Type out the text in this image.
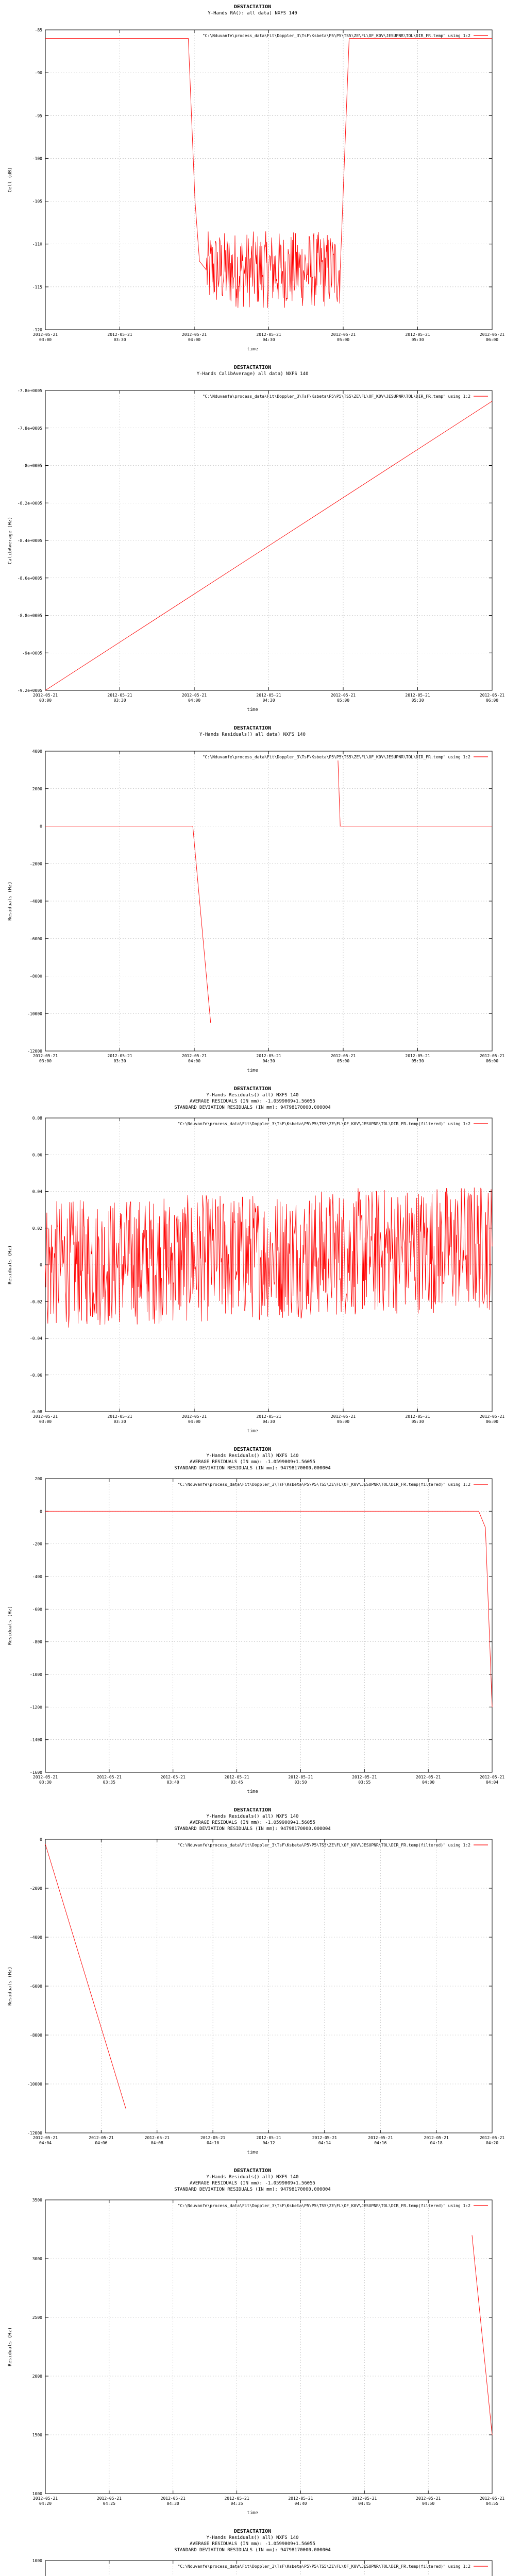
DESTACTATION
Y-Hands RA(): all data) NXFS 140
-85
-90
-95
-100
-105
-110
-115
-120
2012-05-21
03:00
2012-05-21
03:30
2012-05-21
04:00
2012-05-21
04:30
2012-05-21
05:00
2012-05-21
05:30
2012-05-21
06:00
time
Cell (dB)
"C:\Nduvanfe\process_data\Fit\Doppler_3\TsF\Ksbeta\P5\P5\TS5\ZE\FL\OF_K0V\JESUPNR\TOL\DIR_FR.temp" using 1:2
DESTACTATION
Y-Hands CalibAverage) all data) NXFS 140
-7.8e+0005
-7.8e+0005
-8e+0005
-8.2e+0005
-8.4e+0005
-8.6e+0005
-8.8e+0005
-9e+0005
-9.2e+0005
2012-05-21
03:00
2012-05-21
03:30
2012-05-21
04:00
2012-05-21
04:30
2012-05-21
05:00
2012-05-21
05:30
2012-05-21
06:00
time
CalibAverage (Hz)
"C:\Nduvanfe\process_data\Fit\Doppler_3\TsF\Ksbeta\P5\P5\TS5\ZE\FL\OF_K0V\JESUPNR\TOL\DIR_FR.temp" using 1:2
DESTACTATION
Y-Hands Residuals() all data) NXFS 140
4000
2000
0
-2000
-4000
-6000
-8000
-10000
-12000
2012-05-21
03:00
2012-05-21
03:30
2012-05-21
04:00
2012-05-21
04:30
2012-05-21
05:00
2012-05-21
05:30
2012-05-21
06:00
time
Residuals (Hz)
"C:\Nduvanfe\process_data\Fit\Doppler_3\TsF\Ksbeta\P5\P5\TS5\ZE\FL\OF_K0V\JESUPNR\TOL\DIR_FR.temp" using 1:2
DESTACTATION
Y-Hands Residuals() all) NXFS 140
AVERAGE RESIDUALS (IN mm): -1.0599009+1.56055
STANDARD DEVIATION RESIDUALS (IN mm): 94798170000.000004
0.08
0.06
0.04
0.02
0
-0.02
-0.04
-0.06
-0.08
2012-05-21
03:00
2012-05-21
03:30
2012-05-21
04:00
2012-05-21
04:30
2012-05-21
05:00
2012-05-21
05:30
2012-05-21
06:00
time
Residuals (Hz)
"C:\Nduvanfe\process_data\Fit\Doppler_3\TsF\Ksbeta\P5\P5\TS5\ZE\FL\OF_K0V\JESUPNR\TOL\DIR_FR.temp(filtered)" using 1:2
DESTACTATION
Y-Hands Residuals() all) NXFS 140
AVERAGE RESIDUALS (IN mm): -1.0599009+1.56055
STANDARD DEVIATION RESIDUALS (IN mm): 94798170000.000004
200
0
-200
-400
-600
-800
-1000
-1200
-1400
-1600
2012-05-21
03:30
2012-05-21
03:35
2012-05-21
03:40
2012-05-21
03:45
2012-05-21
03:50
2012-05-21
03:55
2012-05-21
04:00
2012-05-21
04:04
time
Residuals (Hz)
"C:\Nduvanfe\process_data\Fit\Doppler_3\TsF\Ksbeta\P5\P5\TS5\ZE\FL\OF_K0V\JESUPNR\TOL\DIR_FR.temp(filtered)" using 1:2
DESTACTATION
Y-Hands Residuals() all) NXFS 140
AVERAGE RESIDUALS (IN mm): -1.0599009+1.56055
STANDARD DEVIATION RESIDUALS (IN mm): 94798170000.000004
0
-2000
-4000
-6000
-8000
-10000
-12000
2012-05-21
04:04
2012-05-21
04:06
2012-05-21
04:08
2012-05-21
04:10
2012-05-21
04:12
2012-05-21
04:14
2012-05-21
04:16
2012-05-21
04:18
2012-05-21
04:20
time
Residuals (Hz)
"C:\Nduvanfe\process_data\Fit\Doppler_3\TsF\Ksbeta\P5\P5\TS5\ZE\FL\OF_K0V\JESUPNR\TOL\DIR_FR.temp(filtered)" using 1:2
DESTACTATION
Y-Hands Residuals() all) NXFS 140
AVERAGE RESIDUALS (IN mm): -1.0599009+1.56055
STANDARD DEVIATION RESIDUALS (IN mm): 94798170000.000004
3500
3000
2500
2000
1500
1000
2012-05-21
04:20
2012-05-21
04:25
2012-05-21
04:30
2012-05-21
04:35
2012-05-21
04:40
2012-05-21
04:45
2012-05-21
04:50
2012-05-21
04:55
time
Residuals (Hz)
"C:\Nduvanfe\process_data\Fit\Doppler_3\TsF\Ksbeta\P5\P5\TS5\ZE\FL\OF_K0V\JESUPNR\TOL\DIR_FR.temp(filtered)" using 1:2
DESTACTATION
Y-Hands Residuals() all) NXFS 140
AVERAGE RESIDUALS (IN mm): -1.0599009+1.56055
STANDARD DEVIATION RESIDUALS (IN mm): 94798170000.000004
1000
"C:\Nduvanfe\process_data\Fit\Doppler_3\TsF\Ksbeta\P5\P5\TS5\ZE\FL\OF_K0V\JESUPNR\TOL\DIR_FR.temp(filtered)" using 1:2
